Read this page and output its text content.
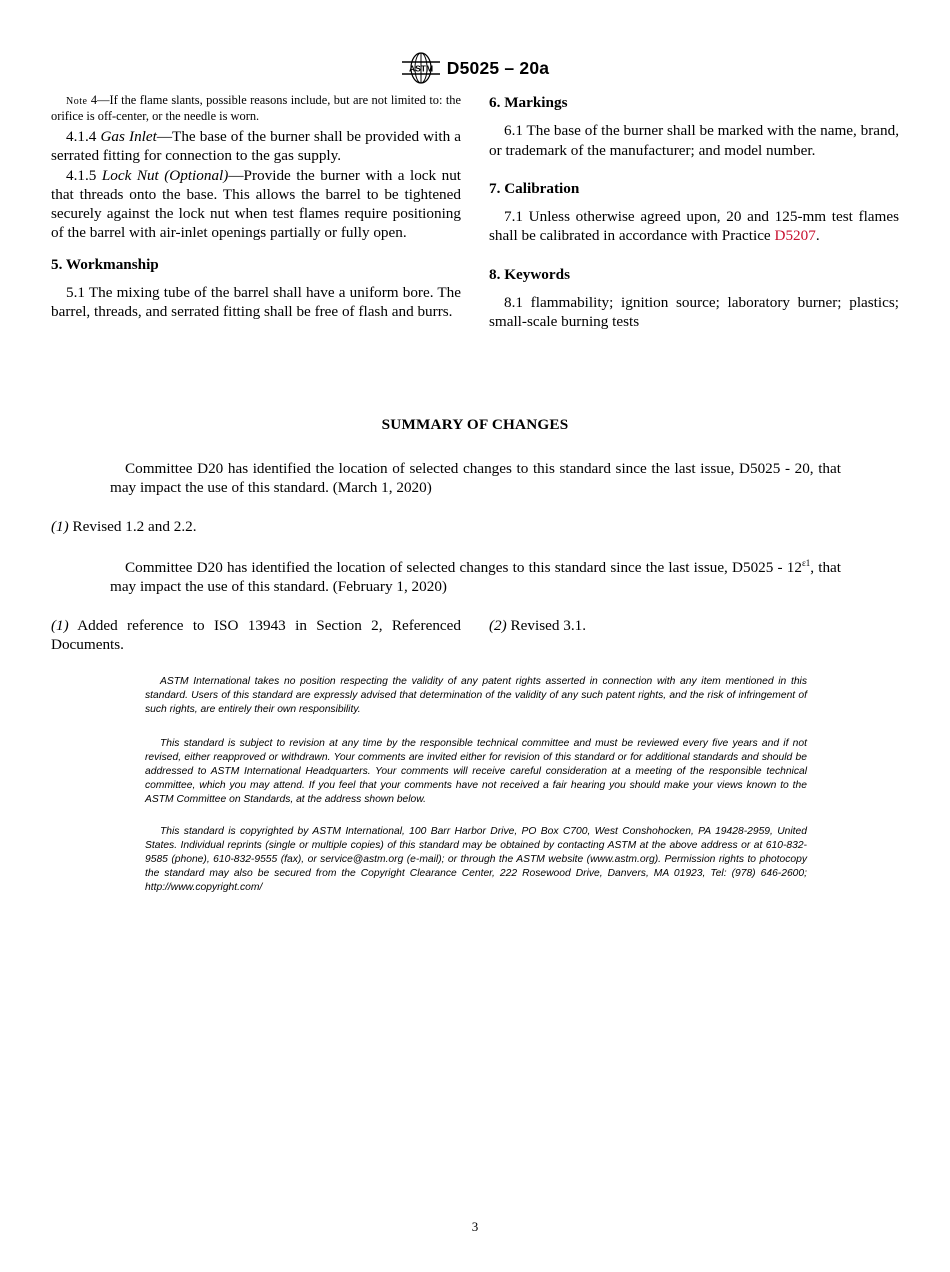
ASTM D5025 – 20a

Note 4—If the flame slants, possible reasons include, but are not limited to: the orifice is off-center, or the needle is worn.

4.1.4 Gas Inlet—The base of the burner shall be provided with a serrated fitting for connection to the gas supply.

4.1.5 Lock Nut (Optional)—Provide the burner with a lock nut that threads onto the base. This allows the barrel to be tightened securely against the lock nut when test flames require positioning of the barrel with air-inlet openings partially or fully open.

5. Workmanship

5.1 The mixing tube of the barrel shall have a uniform bore. The barrel, threads, and serrated fitting shall be free of flash and burrs.

6. Markings

6.1 The base of the burner shall be marked with the name, brand, or trademark of the manufacturer; and model number.

7. Calibration

7.1 Unless otherwise agreed upon, 20 and 125-mm test flames shall be calibrated in accordance with Practice D5207.

8. Keywords

8.1 flammability; ignition source; laboratory burner; plastics; small-scale burning tests

SUMMARY OF CHANGES

Committee D20 has identified the location of selected changes to this standard since the last issue, D5025 - 20, that may impact the use of this standard. (March 1, 2020)

(1) Revised 1.2 and 2.2.

Committee D20 has identified the location of selected changes to this standard since the last issue, $D5025 - 12^{\varepsilon 1}$, that may impact the use of this standard. (February 1, 2020)

(1) Added reference to ISO 13943 in Section 2, Referenced Documents.

(2) Revised 3.1.

ASTM International takes no position respecting the validity of any patent rights asserted in connection with any item mentioned in this standard. Users of this standard are expressly advised that determination of the validity of any such patent rights, and the risk of infringement of such rights, are entirely their own responsibility.

This standard is subject to revision at any time by the responsible technical committee and must be reviewed every five years and if not revised, either reapproved or withdrawn. Your comments are invited either for revision of this standard or for additional standards and should be addressed to ASTM International Headquarters. Your comments will receive careful consideration at a meeting of the responsible technical committee, which you may attend. If you feel that your comments have not received a fair hearing you should make your views known to the ASTM Committee on Standards, at the address shown below.

This standard is copyrighted by ASTM International, 100 Barr Harbor Drive, PO Box C700, West Conshohocken, PA 19428-2959, United States. Individual reprints (single or multiple copies) of this standard may be obtained by contacting ASTM at the above address or at 610-832-9585 (phone), 610-832-9555 (fax), or service@astm.org (e-mail); or through the ASTM website (www.astm.org). Permission rights to photocopy the standard may also be secured from the Copyright Clearance Center, 222 Rosewood Drive, Danvers, MA 01923, Tel: (978) 646-2600; http://www.copyright.com/

3
